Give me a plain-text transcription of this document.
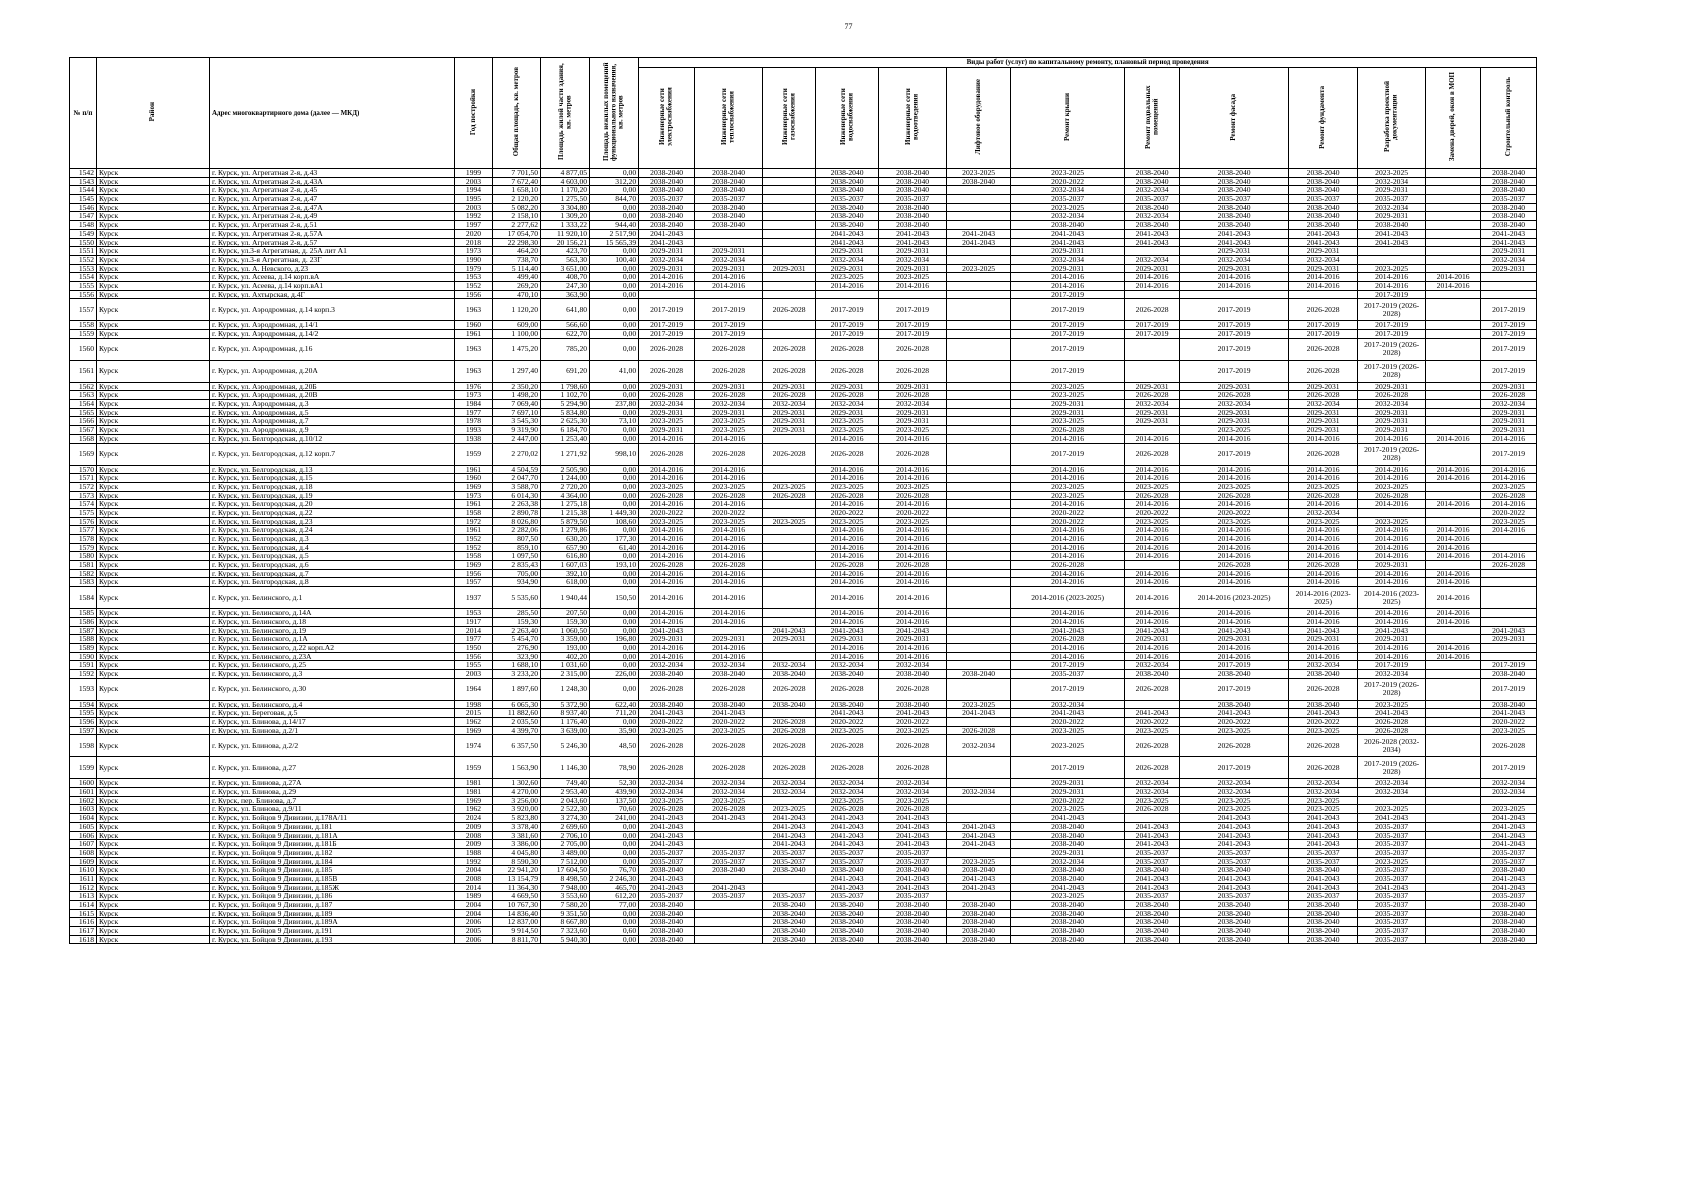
77
№ п/п	Район	Адрес многоквартирного дома (далее — МКД)	Год постройки	Общая площадь, кв. метров	Площадь жилой части здания, кв. метров	Площадь нежилых помещений функционального назначения, кв. метров	Виды работ (услуг) по капитальному ремонту, плановый период проведения												
							Инженерные сети электроснабжения	Инженерные сети теплоснабжения	Инженерные сети газоснабжения	Инженерные сети водоснабжения	Инженерные сети водоотведения	Лифтовое оборудование	Ремонт крыши	Ремонт подвальных помещений	Ремонт фасада	Ремонт фундамента	Разработка проектной документации	Замена дверей, окон в МОП	Строительный контроль
1542	Курск	г. Курск, ул. Агрегатная 2-я, д.43	1999	7 701,50	4 877,05	0,00	2038-2040	2038-2040		2038-2040	2038-2040	2023-2025	2023-2025	2038-2040	2038-2040	2038-2040	2023-2025		2038-2040
1543	Курск	г. Курск, ул. Агрегатная 2-я, д.43А	2003	7 672,40	4 603,00	312,20	2038-2040	2038-2040		2038-2040	2038-2040	2038-2040	2020-2022	2038-2040	2038-2040	2038-2040	2032-2034		2038-2040
1544	Курск	г. Курск, ул. Агрегатная 2-я, д.45	1994	1 658,10	1 170,20	0,00	2038-2040	2038-2040		2038-2040	2038-2040		2032-2034	2032-2034	2038-2040	2038-2040	2029-2031		2038-2040
1545	Курск	г. Курск, ул. Агрегатная 2-я, д.47	1995	2 120,20	1 275,50	844,70	2035-2037	2035-2037		2035-2037	2035-2037		2035-2037	2035-2037	2035-2037	2035-2037	2035-2037		2035-2037
1546	Курск	г. Курск, ул. Агрегатная 2-я, д.47А	2003	5 082,20	3 304,80	0,00	2038-2040	2038-2040		2038-2040	2038-2040		2023-2025	2038-2040	2038-2040	2038-2040	2032-2034		2038-2040
1547	Курск	г. Курск, ул. Агрегатная 2-я, д.49	1992	2 158,10	1 309,20	0,00	2038-2040	2038-2040		2038-2040	2038-2040		2032-2034	2032-2034	2038-2040	2038-2040	2029-2031		2038-2040
1548	Курск	г. Курск, ул. Агрегатная 2-я, д.51	1997	2 277,62	1 333,22	944,40	2038-2040	2038-2040		2038-2040	2038-2040		2038-2040	2038-2040	2038-2040	2038-2040	2038-2040		2038-2040
1549	Курск	г. Курск, ул. Агрегатная 2-я, д.57А	2020	17 054,70	11 920,10	2 517,90	2041-2043			2041-2043	2041-2043	2041-2043	2041-2043	2041-2043	2041-2043	2041-2043	2041-2043		2041-2043
1550	Курск	г. Курск, ул. Агрегатная 2-я, д.57	2018	22 298,30	20 156,21	15 565,39	2041-2043			2041-2043	2041-2043	2041-2043	2041-2043	2041-2043	2041-2043	2041-2043	2041-2043		2041-2043
1551	Курск	г. Курск, ул.3-я Агрегатная, д. 25А лит А1	1973	464,20	423,70	0,00	2029-2031	2029-2031		2029-2031	2029-2031		2029-2031		2029-2031	2029-2031			2029-2031
1552	Курск	г. Курск, ул.3-я Агрегатная, д. 23Г	1990	738,70	563,30	100,40	2032-2034	2032-2034		2032-2034	2032-2034		2032-2034	2032-2034	2032-2034	2032-2034			2032-2034
1553	Курск	г. Курск, ул. А. Невского, д.23	1979	5 114,40	3 651,00	0,00	2029-2031	2029-2031	2029-2031	2029-2031	2029-2031	2023-2025	2029-2031	2029-2031	2029-2031	2029-2031	2023-2025		2029-2031
1554	Курск	г. Курск, ул. Асеева, д.14 корп.вА	1953	499,40	408,70	0,00	2014-2016	2014-2016		2023-2025	2023-2025		2014-2016	2014-2016	2014-2016	2014-2016	2014-2016	2014-2016	
1555	Курск	г. Курск, ул. Асеева, д.14 корп.вА1	1952	269,20	247,30	0,00	2014-2016	2014-2016		2014-2016	2014-2016		2014-2016	2014-2016	2014-2016	2014-2016	2014-2016	2014-2016	
1556	Курск	г. Курск, ул. Ахтырская, д.4Г	1956	470,10	363,90	0,00							2017-2019				2017-2019		
1557	Курск	г. Курск, ул. Аэродромная, д.14 корп.3	1963	1 120,20	641,80	0,00	2017-2019	2017-2019	2026-2028	2017-2019	2017-2019		2017-2019	2026-2028	2017-2019	2026-2028	2017-2019 (2026-2028)		2017-2019
1558	Курск	г. Курск, ул. Аэродромная, д.14/1	1960	609,00	566,60	0,00	2017-2019	2017-2019		2017-2019	2017-2019		2017-2019	2017-2019	2017-2019	2017-2019	2017-2019		2017-2019
1559	Курск	г. Курск, ул. Аэродромная, д.14/2	1961	1 100,00	622,70	0,00	2017-2019	2017-2019		2017-2019	2017-2019		2017-2019	2017-2019	2017-2019	2017-2019	2017-2019		2017-2019
1560	Курск	г. Курск, ул. Аэродромная, д.16	1963	1 475,20	785,20	0,00	2026-2028	2026-2028	2026-2028	2026-2028	2026-2028		2017-2019		2017-2019	2026-2028	2017-2019 (2026-2028)		2017-2019
1561	Курск	г. Курск, ул. Аэродромная, д.20А	1963	1 297,40	691,20	41,00	2026-2028	2026-2028	2026-2028	2026-2028	2026-2028		2017-2019		2017-2019	2026-2028	2017-2019 (2026-2028)		2017-2019
1562	Курск	г. Курск, ул. Аэродромная, д.20Б	1976	2 350,20	1 798,60	0,00	2029-2031	2029-2031	2029-2031	2029-2031	2029-2031		2023-2025	2029-2031	2029-2031	2029-2031	2029-2031		2029-2031
1563	Курск	г. Курск, ул. Аэродромная, д.20В	1973	1 498,20	1 102,70	0,00	2026-2028	2026-2028	2026-2028	2026-2028	2026-2028		2023-2025	2026-2028	2026-2028	2026-2028	2026-2028		2026-2028
1564	Курск	г. Курск, ул. Аэродромная, д.3	1984	7 069,40	5 294,90	237,80	2032-2034	2032-2034	2032-2034	2032-2034	2032-2034		2029-2031	2032-2034	2032-2034	2032-2034	2032-2034		2032-2034
1565	Курск	г. Курск, ул. Аэродромная, д.5	1977	7 697,10	5 834,80	0,00	2029-2031	2029-2031	2029-2031	2029-2031	2029-2031		2029-2031	2029-2031	2029-2031	2029-2031	2029-2031		2029-2031
1566	Курск	г. Курск, ул. Аэродромная, д.7	1978	3 545,30	2 625,30	73,10	2023-2025	2023-2025	2029-2031	2023-2025	2029-2031		2023-2025	2029-2031	2029-2031	2029-2031	2029-2031		2029-2031
1567	Курск	г. Курск, ул. Аэродромная, д.9	1993	9 319,90	6 184,70	0,00	2029-2031	2023-2025	2029-2031	2023-2025	2023-2025		2026-2028		2023-2025	2029-2031	2029-2031		2029-2031
1568	Курск	г. Курск, ул. Белгородская, д.10/12	1938	2 447,00	1 253,40	0,00	2014-2016	2014-2016		2014-2016	2014-2016		2014-2016	2014-2016	2014-2016	2014-2016	2014-2016	2014-2016	2014-2016
1569	Курск	г. Курск, ул. Белгородская, д.12 корп.7	1959	2 270,02	1 271,92	998,10	2026-2028	2026-2028	2026-2028	2026-2028	2026-2028		2017-2019	2026-2028	2017-2019	2026-2028	2017-2019 (2026-2028)		2017-2019
1570	Курск	г. Курск, ул. Белгородская, д.13	1961	4 504,59	2 505,90	0,00	2014-2016	2014-2016		2014-2016	2014-2016		2014-2016	2014-2016	2014-2016	2014-2016	2014-2016	2014-2016	2014-2016
1571	Курск	г. Курск, ул. Белгородская, д.15	1960	2 047,70	1 244,00	0,00	2014-2016	2014-2016		2014-2016	2014-2016		2014-2016	2014-2016	2014-2016	2014-2016	2014-2016	2014-2016	2014-2016
1572	Курск	г. Курск, ул. Белгородская, д.18	1969	3 588,70	2 720,20	0,00	2023-2025	2023-2025	2023-2025	2023-2025	2023-2025		2023-2025	2023-2025	2023-2025	2023-2025	2023-2025		2023-2025
1573	Курск	г. Курск, ул. Белгородская, д.19	1973	6 014,30	4 364,00	0,00	2026-2028	2026-2028	2026-2028	2026-2028	2026-2028		2023-2025	2026-2028	2026-2028	2026-2028	2026-2028		2026-2028
1574	Курск	г. Курск, ул. Белгородская, д.20	1961	2 263,38	1 275,18	0,00	2014-2016	2014-2016		2014-2016	2014-2016		2014-2016	2014-2016	2014-2016	2014-2016	2014-2016	2014-2016	2014-2016
1575	Курск	г. Курск, ул. Белгородская, д.22	1958	2 890,78	1 215,38	1 449,30	2020-2022	2020-2022		2020-2022	2020-2022		2020-2022	2020-2022	2020-2022	2032-2034			2020-2022
1576	Курск	г. Курск, ул. Белгородская, д.23	1972	8 026,80	5 879,50	108,60	2023-2025	2023-2025	2023-2025	2023-2025	2023-2025		2020-2022	2023-2025	2023-2025	2023-2025	2023-2025		2023-2025
1577	Курск	г. Курск, ул. Белгородская, д.24	1961	2 282,06	1 279,86	0,00	2014-2016	2014-2016		2014-2016	2014-2016		2014-2016	2014-2016	2014-2016	2014-2016	2014-2016	2014-2016	2014-2016
1578	Курск	г. Курск, ул. Белгородская, д.3	1952	807,50	630,20	177,30	2014-2016	2014-2016		2014-2016	2014-2016		2014-2016	2014-2016	2014-2016	2014-2016	2014-2016	2014-2016	
1579	Курск	г. Курск, ул. Белгородская, д.4	1952	859,10	657,90	61,40	2014-2016	2014-2016		2014-2016	2014-2016		2014-2016	2014-2016	2014-2016	2014-2016	2014-2016	2014-2016	
1580	Курск	г. Курск, ул. Белгородская, д.5	1958	1 097,50	616,80	0,00	2014-2016	2014-2016		2014-2016	2014-2016		2014-2016	2014-2016	2014-2016	2014-2016	2014-2016	2014-2016	2014-2016
1581	Курск	г. Курск, ул. Белгородская, д.6	1969	2 835,43	1 607,03	193,10	2026-2028	2026-2028		2026-2028	2026-2028		2026-2028		2026-2028	2026-2028	2029-2031		2026-2028
1582	Курск	г. Курск, ул. Белгородская, д.7	1956	705,00	392,10	0,00	2014-2016	2014-2016		2014-2016	2014-2016		2014-2016	2014-2016	2014-2016	2014-2016	2014-2016	2014-2016	
1583	Курск	г. Курск, ул. Белгородская, д.8	1957	934,90	618,00	0,00	2014-2016	2014-2016		2014-2016	2014-2016		2014-2016	2014-2016	2014-2016	2014-2016	2014-2016	2014-2016	
1584	Курск	г. Курск, ул. Белинского, д.1	1937	5 535,60	1 940,44	150,50	2014-2016	2014-2016		2014-2016	2014-2016		2014-2016 (2023-2025)	2014-2016	2014-2016 (2023-2025)	2014-2016 (2023-2025)	2014-2016 (2023-2025)	2014-2016	
1585	Курск	г. Курск, ул. Белинского, д.14А	1953	285,50	207,50	0,00	2014-2016	2014-2016		2014-2016	2014-2016		2014-2016	2014-2016	2014-2016	2014-2016	2014-2016	2014-2016	
1586	Курск	г. Курск, ул. Белинского, д.18	1917	159,30	159,30	0,00	2014-2016	2014-2016		2014-2016	2014-2016		2014-2016	2014-2016	2014-2016	2014-2016	2014-2016	2014-2016	
1587	Курск	г. Курск, ул. Белинского, д.19	2014	2 263,40	1 060,50	0,00	2041-2043		2041-2043	2041-2043	2041-2043		2041-2043	2041-2043	2041-2043	2041-2043	2041-2043		2041-2043
1588	Курск	г. Курск, ул. Белинского, д.1А	1977	5 454,70	3 359,00	196,80	2029-2031	2029-2031	2029-2031	2029-2031	2029-2031		2026-2028	2029-2031	2029-2031	2029-2031	2029-2031		2029-2031
1589	Курск	г. Курск, ул. Белинского, д.22 корп.А2	1950	276,90	193,00	0,00	2014-2016	2014-2016		2014-2016	2014-2016		2014-2016	2014-2016	2014-2016	2014-2016	2014-2016	2014-2016	
1590	Курск	г. Курск, ул. Белинского, д.23А	1956	323,90	402,20	0,00	2014-2016	2014-2016		2014-2016	2014-2016		2014-2016	2014-2016	2014-2016	2014-2016	2014-2016	2014-2016	
1591	Курск	г. Курск, ул. Белинского, д.25	1955	1 688,10	1 031,60	0,00	2032-2034	2032-2034	2032-2034	2032-2034	2032-2034		2017-2019	2032-2034	2017-2019	2032-2034	2017-2019		2017-2019
1592	Курск	г. Курск, ул. Белинского, д.3	2003	3 233,20	2 315,00	226,00	2038-2040	2038-2040	2038-2040	2038-2040	2038-2040	2038-2040	2035-2037	2038-2040	2038-2040	2038-2040	2032-2034		2038-2040
1593	Курск	г. Курск, ул. Белинского, д.30	1964	1 897,60	1 248,30	0,00	2026-2028	2026-2028	2026-2028	2026-2028	2026-2028		2017-2019	2026-2028	2017-2019	2026-2028	2017-2019 (2026-2028)		2017-2019
1594	Курск	г. Курск, ул. Белинского, д.4	1998	6 065,30	5 372,90	622,40	2038-2040	2038-2040	2038-2040	2038-2040	2038-2040	2023-2025	2032-2034		2038-2040	2038-2040	2023-2025		2038-2040
1595	Курск	г. Курск, ул. Береговая, д.5	2015	11 882,60	8 937,40	711,20	2041-2043	2041-2043		2041-2043	2041-2043	2041-2043	2041-2043	2041-2043	2041-2043	2041-2043	2041-2043		2041-2043
1596	Курск	г. Курск, ул. Блинова, д.14/17	1962	2 035,50	1 176,40	0,00	2020-2022	2020-2022	2026-2028	2020-2022	2020-2022		2020-2022	2020-2022	2020-2022	2020-2022	2026-2028		2020-2022
1597	Курск	г. Курск, ул. Блинова, д.2/1	1969	4 399,70	3 639,00	35,90	2023-2025	2023-2025	2026-2028	2023-2025	2023-2025	2026-2028	2023-2025	2023-2025	2023-2025	2023-2025	2026-2028		2023-2025
1598	Курск	г. Курск, ул. Блинова, д.2/2	1974	6 357,50	5 246,30	48,50	2026-2028	2026-2028	2026-2028	2026-2028	2026-2028	2032-2034	2023-2025	2026-2028	2026-2028	2026-2028	2026-2028 (2032-2034)		2026-2028
1599	Курск	г. Курск, ул. Блинова, д.27	1959	1 563,90	1 146,30	78,90	2026-2028	2026-2028	2026-2028	2026-2028	2026-2028		2017-2019	2026-2028	2017-2019	2026-2028	2017-2019 (2026-2028)		2017-2019
1600	Курск	г. Курск, ул. Блинова, д.27А	1981	1 302,60	749,40	52,30	2032-2034	2032-2034	2032-2034	2032-2034	2032-2034		2029-2031	2032-2034	2032-2034	2032-2034	2032-2034		2032-2034
1601	Курск	г. Курск, ул. Блинова, д.29	1981	4 270,00	2 953,40	439,90	2032-2034	2032-2034	2032-2034	2032-2034	2032-2034	2032-2034	2029-2031	2032-2034	2032-2034	2032-2034	2032-2034		2032-2034
1602	Курск	г. Курск, пер. Блинова, д.7	1969	3 256,00	2 043,60	137,50	2023-2025	2023-2025		2023-2025	2023-2025		2020-2022	2023-2025	2023-2025	2023-2025			
1603	Курск	г. Курск, ул. Блинова, д.9/11	1962	3 920,00	2 522,30	70,60	2026-2028	2026-2028	2023-2025	2026-2028	2026-2028		2023-2025	2026-2028	2023-2025	2023-2025	2023-2025		2023-2025
1604	Курск	г. Курск, ул. Бойцов 9 Дивизии, д.178А/11	2024	5 823,80	3 274,30	241,00	2041-2043	2041-2043	2041-2043	2041-2043	2041-2043		2041-2043		2041-2043	2041-2043	2041-2043		2041-2043
1605	Курск	г. Курск, ул. Бойцов 9 Дивизии, д.181	2009	3 378,40	2 699,60	0,00	2041-2043		2041-2043	2041-2043	2041-2043	2041-2043	2038-2040	2041-2043	2041-2043	2041-2043	2035-2037		2041-2043
1606	Курск	г. Курск, ул. Бойцов 9 Дивизии, д.181А	2008	3 381,60	2 706,10	0,00	2041-2043		2041-2043	2041-2043	2041-2043	2041-2043	2038-2040	2041-2043	2041-2043	2041-2043	2035-2037		2041-2043
1607	Курск	г. Курск, ул. Бойцов 9 Дивизии, д.181Б	2009	3 386,00	2 705,00	0,00	2041-2043		2041-2043	2041-2043	2041-2043	2041-2043	2038-2040	2041-2043	2041-2043	2041-2043	2035-2037		2041-2043
1608	Курск	г. Курск, ул. Бойцов 9 Дивизии, д.182	1988	4 045,80	3 489,00	0,00	2035-2037	2035-2037	2035-2037	2035-2037	2035-2037		2029-2031	2035-2037	2035-2037	2035-2037	2035-2037		2035-2037
1609	Курск	г. Курск, ул. Бойцов 9 Дивизии, д.184	1992	8 590,30	7 512,00	0,00	2035-2037	2035-2037	2035-2037	2035-2037	2035-2037	2023-2025	2032-2034	2035-2037	2035-2037	2035-2037	2023-2025		2035-2037
1610	Курск	г. Курск, ул. Бойцов 9 Дивизии, д.185	2004	22 941,20	17 604,50	76,70	2038-2040	2038-2040	2038-2040	2038-2040	2038-2040	2038-2040	2038-2040	2038-2040	2038-2040	2038-2040	2035-2037		2038-2040
1611	Курск	г. Курск, ул. Бойцов 9 Дивизии, д.185В	2008	13 154,79	8 498,50	2 246,30	2041-2043			2041-2043	2041-2043	2041-2043	2038-2040	2041-2043	2041-2043	2041-2043	2035-2037		2041-2043
1612	Курск	г. Курск, ул. Бойцов 9 Дивизии, д.185Ж	2014	11 364,30	7 948,00	465,70	2041-2043	2041-2043		2041-2043	2041-2043	2041-2043	2041-2043	2041-2043	2041-2043	2041-2043	2041-2043		2041-2043
1613	Курск	г. Курск, ул. Бойцов 9 Дивизии, д.186	1989	4 669,50	3 553,60	612,20	2035-2037	2035-2037	2035-2037	2035-2037	2035-2037		2023-2025	2035-2037	2035-2037	2035-2037	2035-2037		2035-2037
1614	Курск	г. Курск, ул. Бойцов 9 Дивизии, д.187	2004	10 767,30	7 580,20	77,00	2038-2040		2038-2040	2038-2040	2038-2040	2038-2040	2038-2040	2038-2040	2038-2040	2038-2040	2035-2037		2038-2040
1615	Курск	г. Курск, ул. Бойцов 9 Дивизии, д.189	2004	14 836,40	9 351,50	0,00	2038-2040		2038-2040	2038-2040	2038-2040	2038-2040	2038-2040	2038-2040	2038-2040	2038-2040	2035-2037		2038-2040
1616	Курск	г. Курск, ул. Бойцов 9 Дивизии, д.189А	2006	12 837,00	8 667,80	0,00	2038-2040		2038-2040	2038-2040	2038-2040	2038-2040	2038-2040	2038-2040	2038-2040	2038-2040	2035-2037		2038-2040
1617	Курск	г. Курск, ул. Бойцов 9 Дивизии, д.191	2005	9 914,50	7 323,60	0,60	2038-2040		2038-2040	2038-2040	2038-2040	2038-2040	2038-2040	2038-2040	2038-2040	2038-2040	2035-2037		2038-2040
1618	Курск	г. Курск, ул. Бойцов 9 Дивизии, д.193	2006	8 811,70	5 940,30	0,00	2038-2040		2038-2040	2038-2040	2038-2040	2038-2040	2038-2040	2038-2040	2038-2040	2038-2040	2035-2037		2038-2040
